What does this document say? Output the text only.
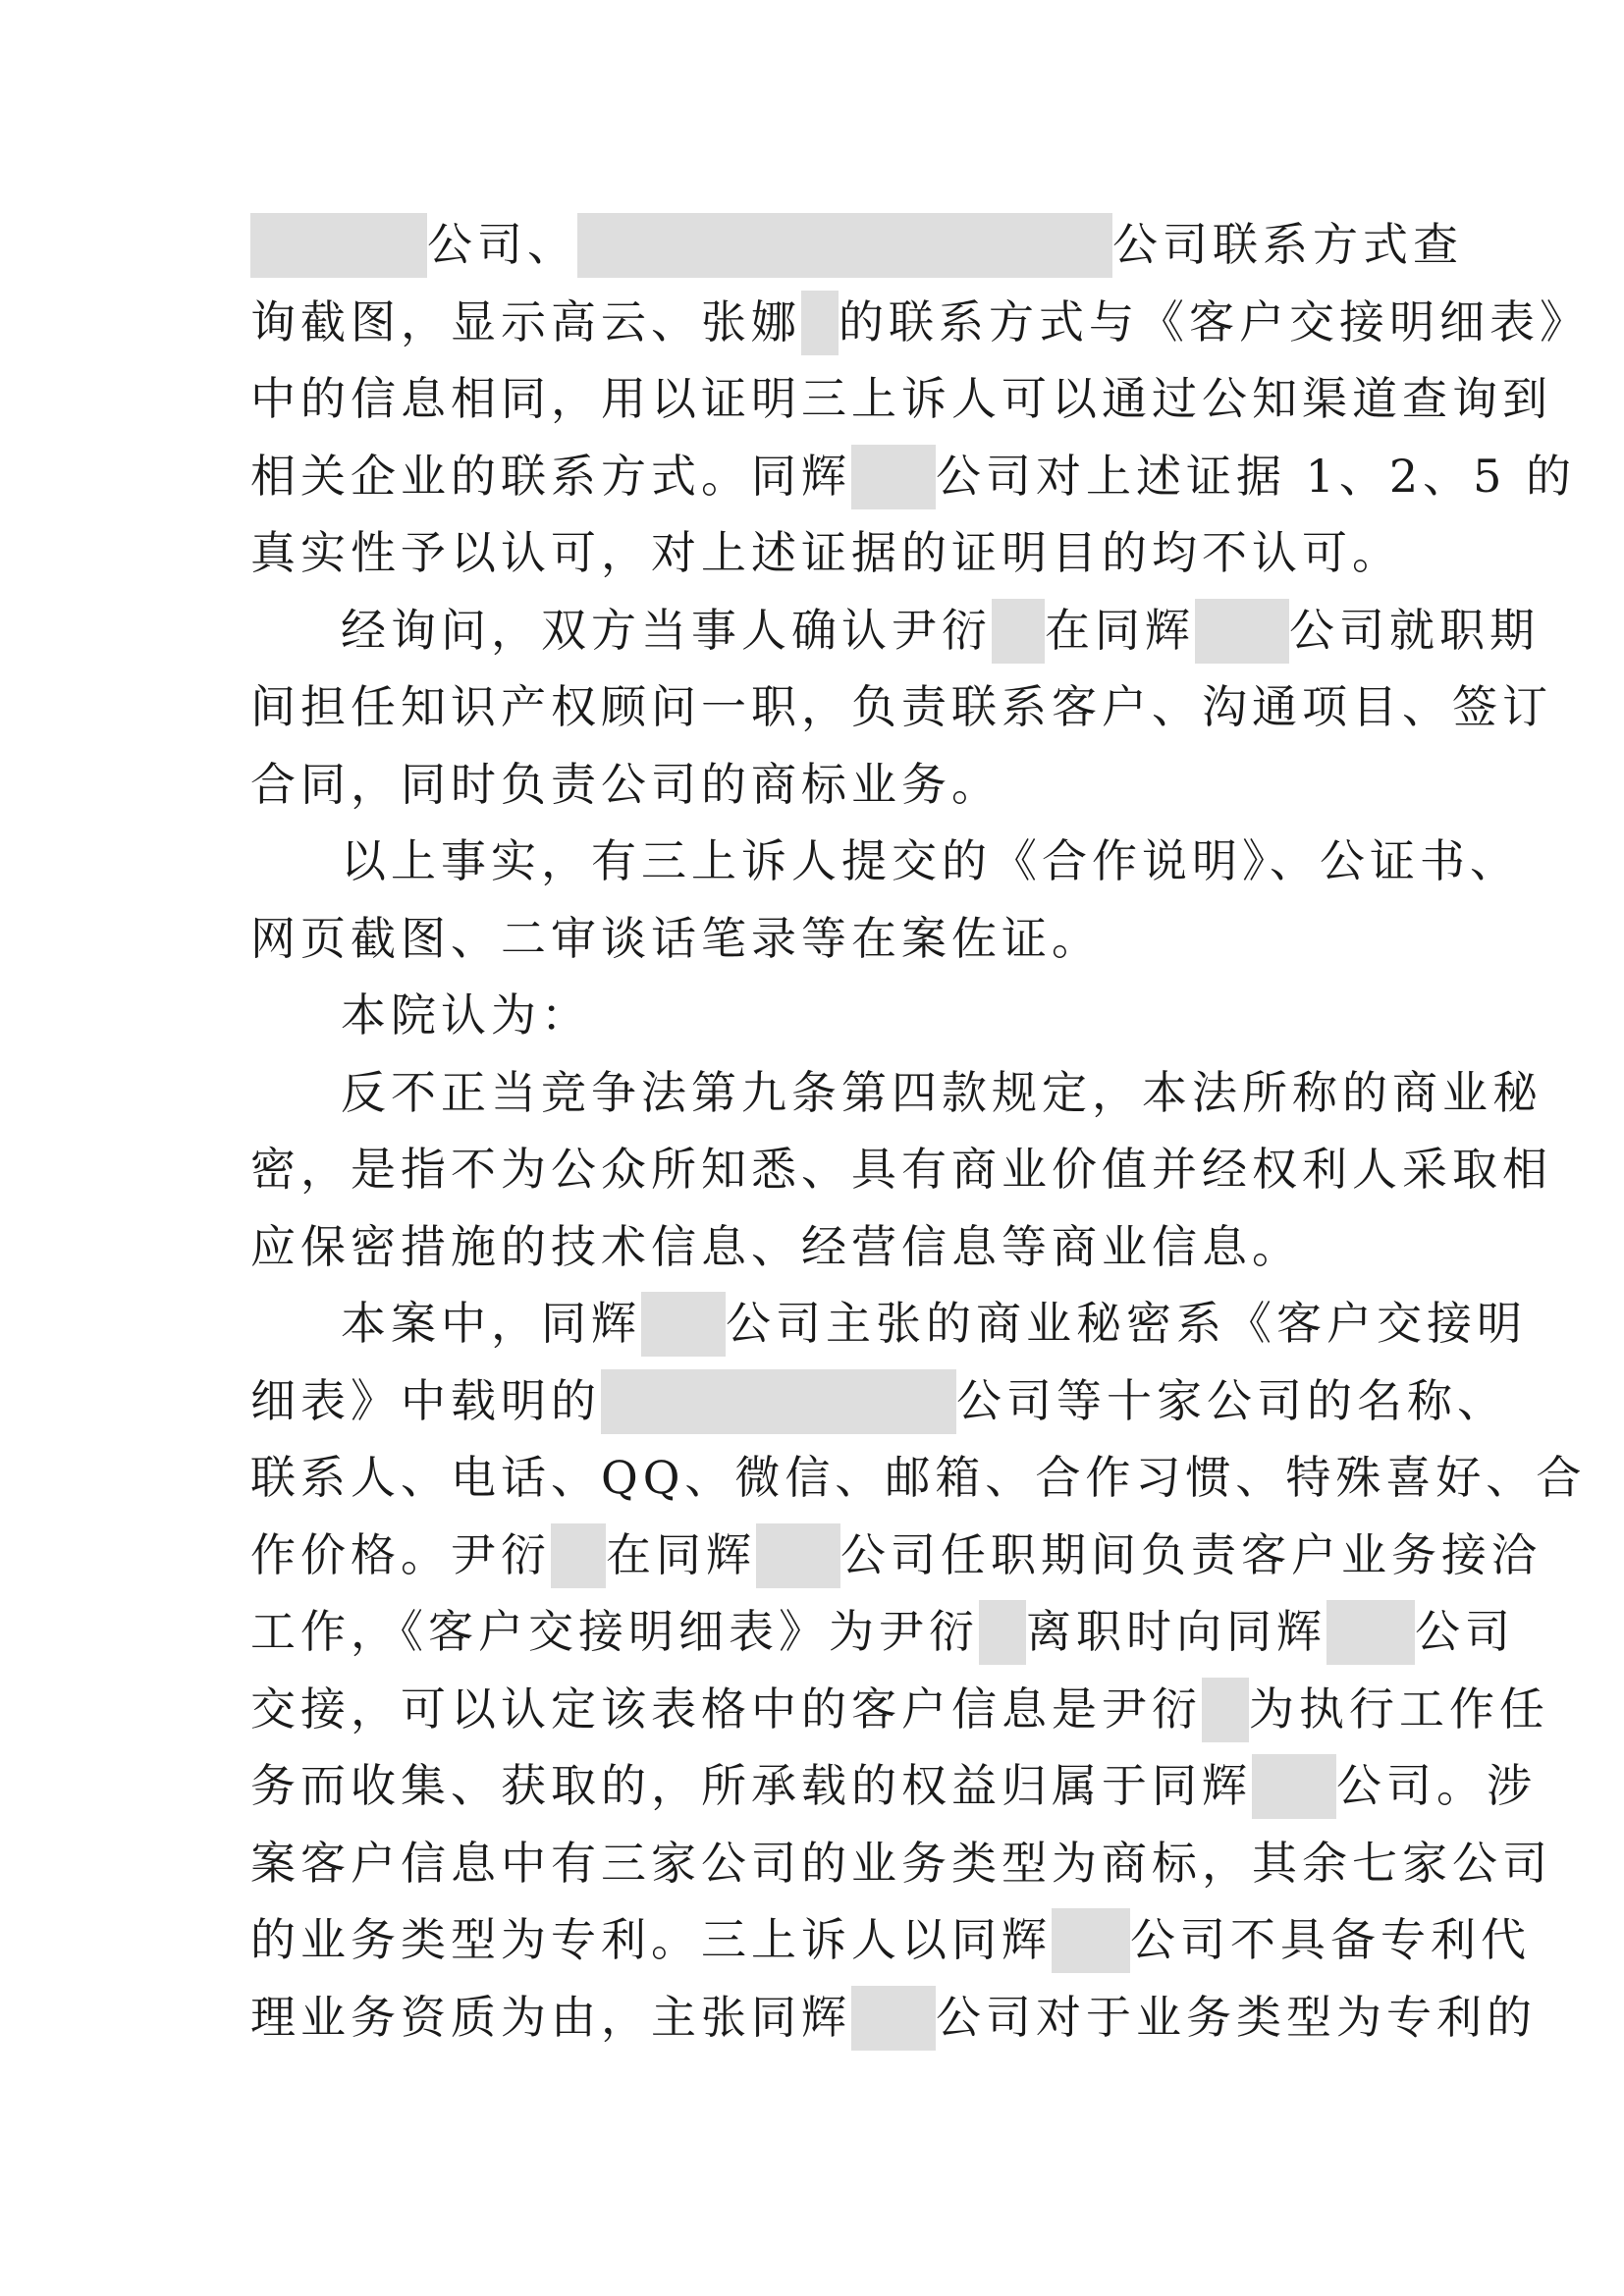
公司、	公司联系方式查
询截图，显示高云、张娜 的联系方式与《客户交接明细表》
中的信息相同，用以证明三上诉人可以通过公知渠道查询到
相关企业的联系方式。同辉 公司对上述证据 1、2、5 的
真实性予以认可，对上述证据的证明目的均不认可。
经询问，双方当事人确认尹衍 在同辉 公司就职期
间担任知识产权顾问一职，负责联系客户、沟通项目、签订
合同，同时负责公司的商标业务。
以上事实，有三上诉人提交的《合作说明》、公证书、
网页截图、二审谈话笔录等在案佐证。
本院认为：
反不正当竞争法第九条第四款规定，本法所称的商业秘
密，是指不为公众所知悉、具有商业价值并经权利人采取相
应保密措施的技术信息、经营信息等商业信息。
本案中，同辉 公司主张的商业秘密系《客户交接明
细表》中载明的	公司等十家公司的名称、
联系人、电话、QQ、微信、邮箱、合作习惯、特殊喜好、合
作价格。尹衍 在同辉 公司任职期间负责客户业务接洽
工作，《客户交接明细表》为尹衍 离职时向同辉 公司
交接，可以认定该表格中的客户信息是尹衍 为执行工作任
务而收集、获取的，所承载的权益归属于同辉 公司。涉
案客户信息中有三家公司的业务类型为商标，其余七家公司
的业务类型为专利。三上诉人以同辉 公司不具备专利代
理业务资质为由，主张同辉 公司对于业务类型为专利的
